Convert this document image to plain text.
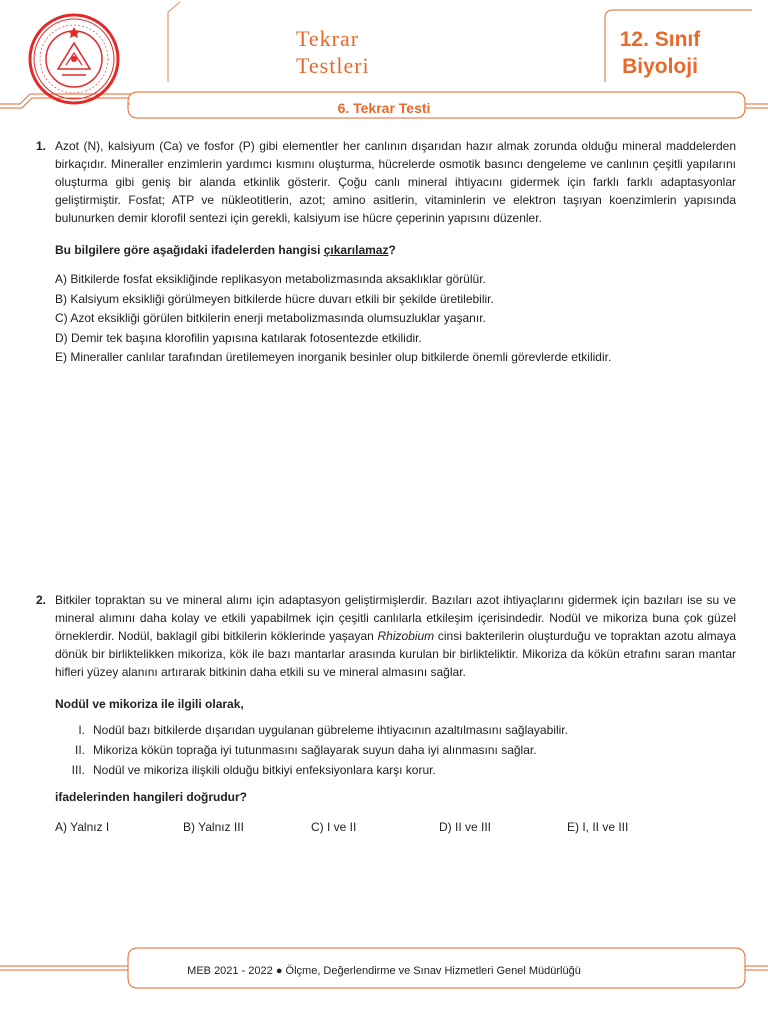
Tekrar
Testleri
12. Sınıf
Biyoloji
6. Tekrar Testi
1. Azot (N), kalsiyum (Ca) ve fosfor (P) gibi elementler her canlının dışarıdan hazır almak zorunda olduğu mineral maddelerden birkaçıdır. Mineraller enzimlerin yardımcı kısmını oluşturma, hücrelerde osmotik basıncı dengeleme ve canlının çeşitli yapılarını oluşturma gibi geniş bir alanda etkinlik gösterir. Çoğu canlı mineral ihtiyacını gidermek için farklı farklı adaptasyonlar geliştirmiştir. Fosfat; ATP ve nükleotitlerin, azot; amino asitlerin, vitaminlerin ve elektron taşıyan koenzimlerin yapısında bulunurken demir klorofil sentezi için gerekli, kalsiyum ise hücre çeperinin yapısını düzenler.
Bu bilgilere göre aşağıdaki ifadelerden hangisi çıkarılamaz?
A) Bitkilerde fosfat eksikliğinde replikasyon metabolizmasında aksaklıklar görülür.
B) Kalsiyum eksikliği görülmeyen bitkilerde hücre duvarı etkili bir şekilde üretilebilir.
C) Azot eksikliği görülen bitkilerin enerji metabolizmasında olumsuzluklar yaşanır.
D) Demir tek başına klorofilin yapısına katılarak fotosentezde etkilidir.
E) Mineraller canlılar tarafından üretilemeyen inorganik besinler olup bitkilerde önemli görevlerde etkilidir.
2. Bitkiler topraktan su ve mineral alımı için adaptasyon geliştirmişlerdir. Bazıları azot ihtiyaçlarını gidermek için bazıları ise su ve mineral alımını daha kolay ve etkili yapabilmek için çeşitli canlılarla etkileşim içerisindedir. Nodül ve mikoriza buna çok güzel örneklerdir. Nodül, baklagil gibi bitkilerin köklerinde yaşayan Rhizobium cinsi bakterilerin oluşturduğu ve topraktan azotu almaya dönük bir birliktelikken mikoriza, kök ile bazı mantarlar arasında kurulan bir birlikteliktir. Mikoriza da kökün etrafını saran mantar hifleri yüzey alanını artırarak bitkinin daha etkili su ve mineral almasını sağlar.
Nodül ve mikoriza ile ilgili olarak,
I. Nodül bazı bitkilerde dışarıdan uygulanan gübreleme ihtiyacının azaltılmasını sağlayabilir.
II. Mikoriza kökün toprağa iyi tutunmasını sağlayarak suyun daha iyi alınmasını sağlar.
III. Nodül ve mikoriza ilişkili olduğu bitkiyi enfeksiyonlara karşı korur.
ifadelerinden hangileri doğrudur?
A) Yalnız I	B) Yalnız III	C) I ve II	D) II ve III	E) I, II ve III
MEB 2021 - 2022 ● Ölçme, Değerlendirme ve Sınav Hizmetleri Genel Müdürlüğü
